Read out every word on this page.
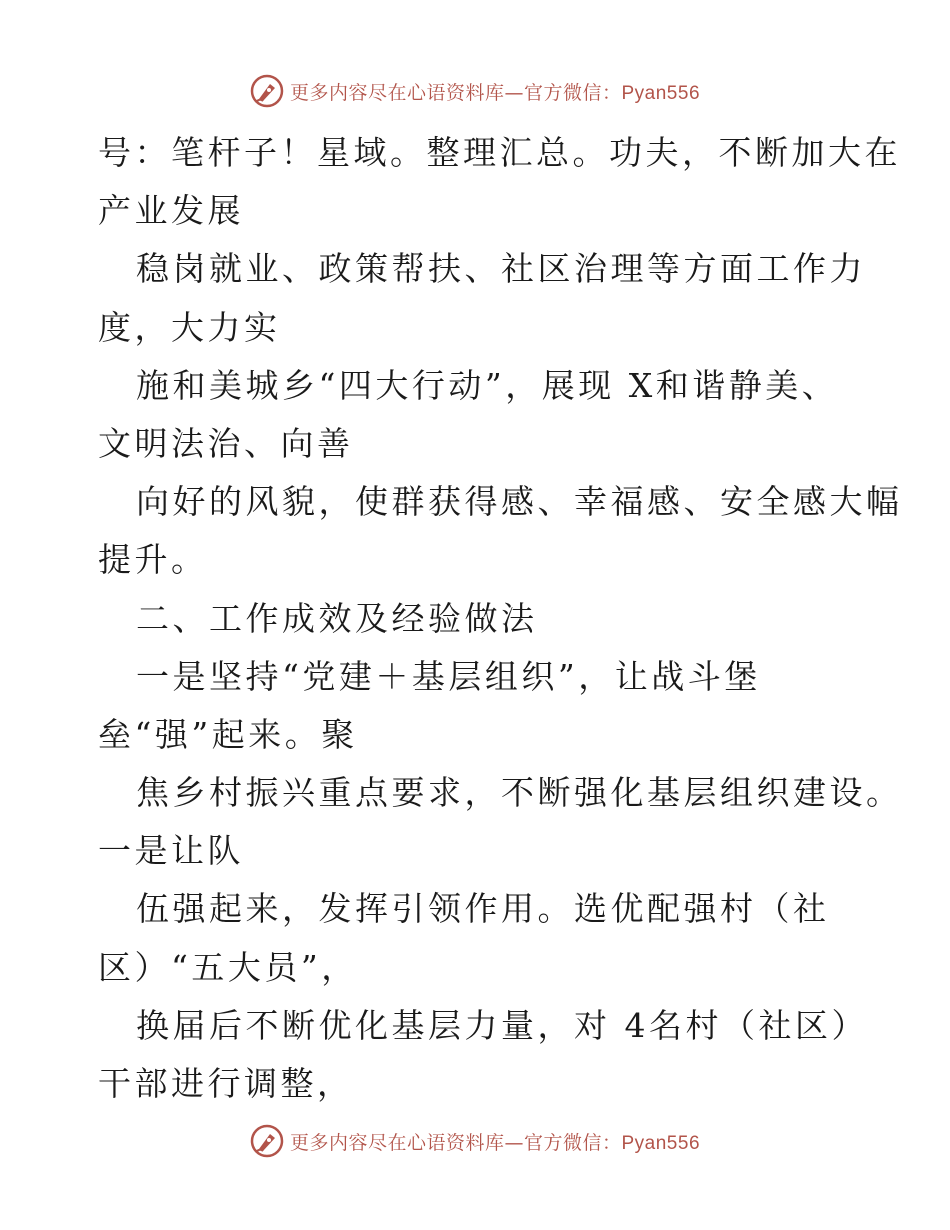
更多内容尽在心语资料库—官方微信：Pyan556
号：笔杆子！星域。整理汇总。功夫，不断加大在
产业发展
稳岗就业、政策帮扶、社区治理等方面工作力
度，大力实
施和美城乡“四大行动”，展现 X和谐静美、
文明法治、向善
向好的风貌，使群获得感、幸福感、安全感大幅
提升。
二、工作成效及经验做法
一是坚持“党建＋基层组织”，让战斗堡
垒“强”起来。聚
焦乡村振兴重点要求，不断强化基层组织建设。
一是让队
伍强起来，发挥引领作用。选优配强村（社
区）“五大员”，
换届后不断优化基层力量，对 4名村（社区）
干部进行调整，
更多内容尽在心语资料库—官方微信：Pyan556
